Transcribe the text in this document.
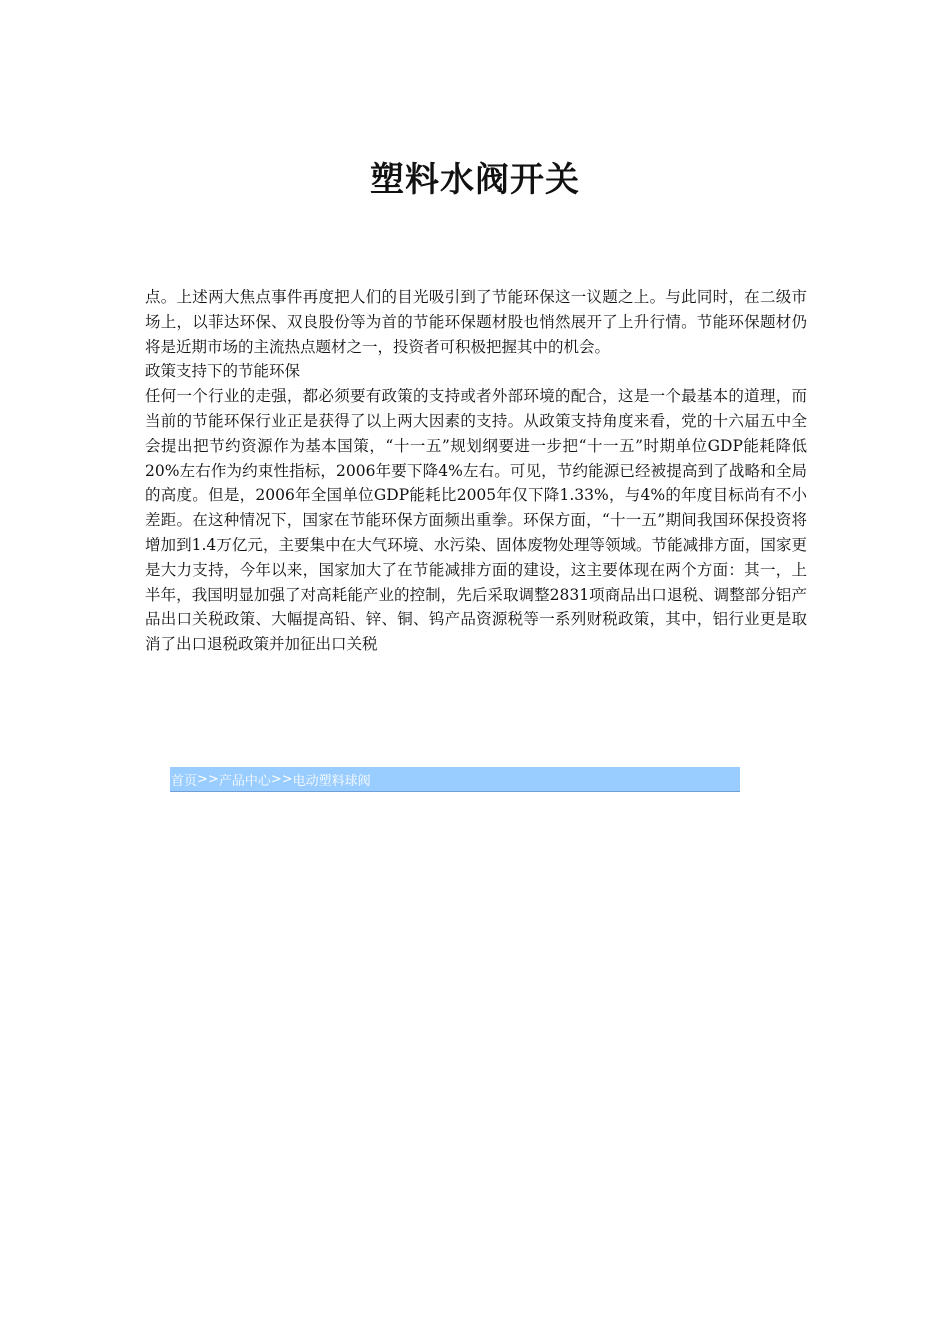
塑料水阀开关

点。上述两大焦点事件再度把人们的目光吸引到了节能环保这一议题之上。与此同时，在二级市场上，以菲达环保、双良股份等为首的节能环保题材股也悄然展开了上升行情。节能环保题材仍将是近期市场的主流热点题材之一，投资者可积极把握其中的机会。

政策支持下的节能环保

任何一个行业的走强，都必须要有政策的支持或者外部环境的配合，这是一个最基本的道理，而当前的节能环保行业正是获得了以上两大因素的支持。从政策支持角度来看，党的十六届五中全会提出把节约资源作为基本国策，“十一五”规划纲要进一步把“十一五”时期单位GDP能耗降低20%左右作为约束性指标，2006年要下降4%左右。可见，节约能源已经被提高到了战略和全局的高度。但是，2006年全国单位GDP能耗比2005年仅下降1.33%，与4%的年度目标尚有不小差距。在这种情况下，国家在节能环保方面频出重拳。环保方面，“十一五”期间我国环保投资将增加到1.4万亿元，主要集中在大气环境、水污染、固体废物处理等领域。节能减排方面，国家更是大力支持，今年以来，国家加大了在节能减排方面的建设，这主要体现在两个方面：其一，上半年，我国明显加强了对高耗能产业的控制，先后采取调整2831项商品出口退税、调整部分铝产品出口关税政策、大幅提高铅、锌、铜、钨产品资源税等一系列财税政策，其中，铝行业更是取消了出口退税政策并加征出口关税

首页 >> 产品中心 >> 电动塑料球阀
